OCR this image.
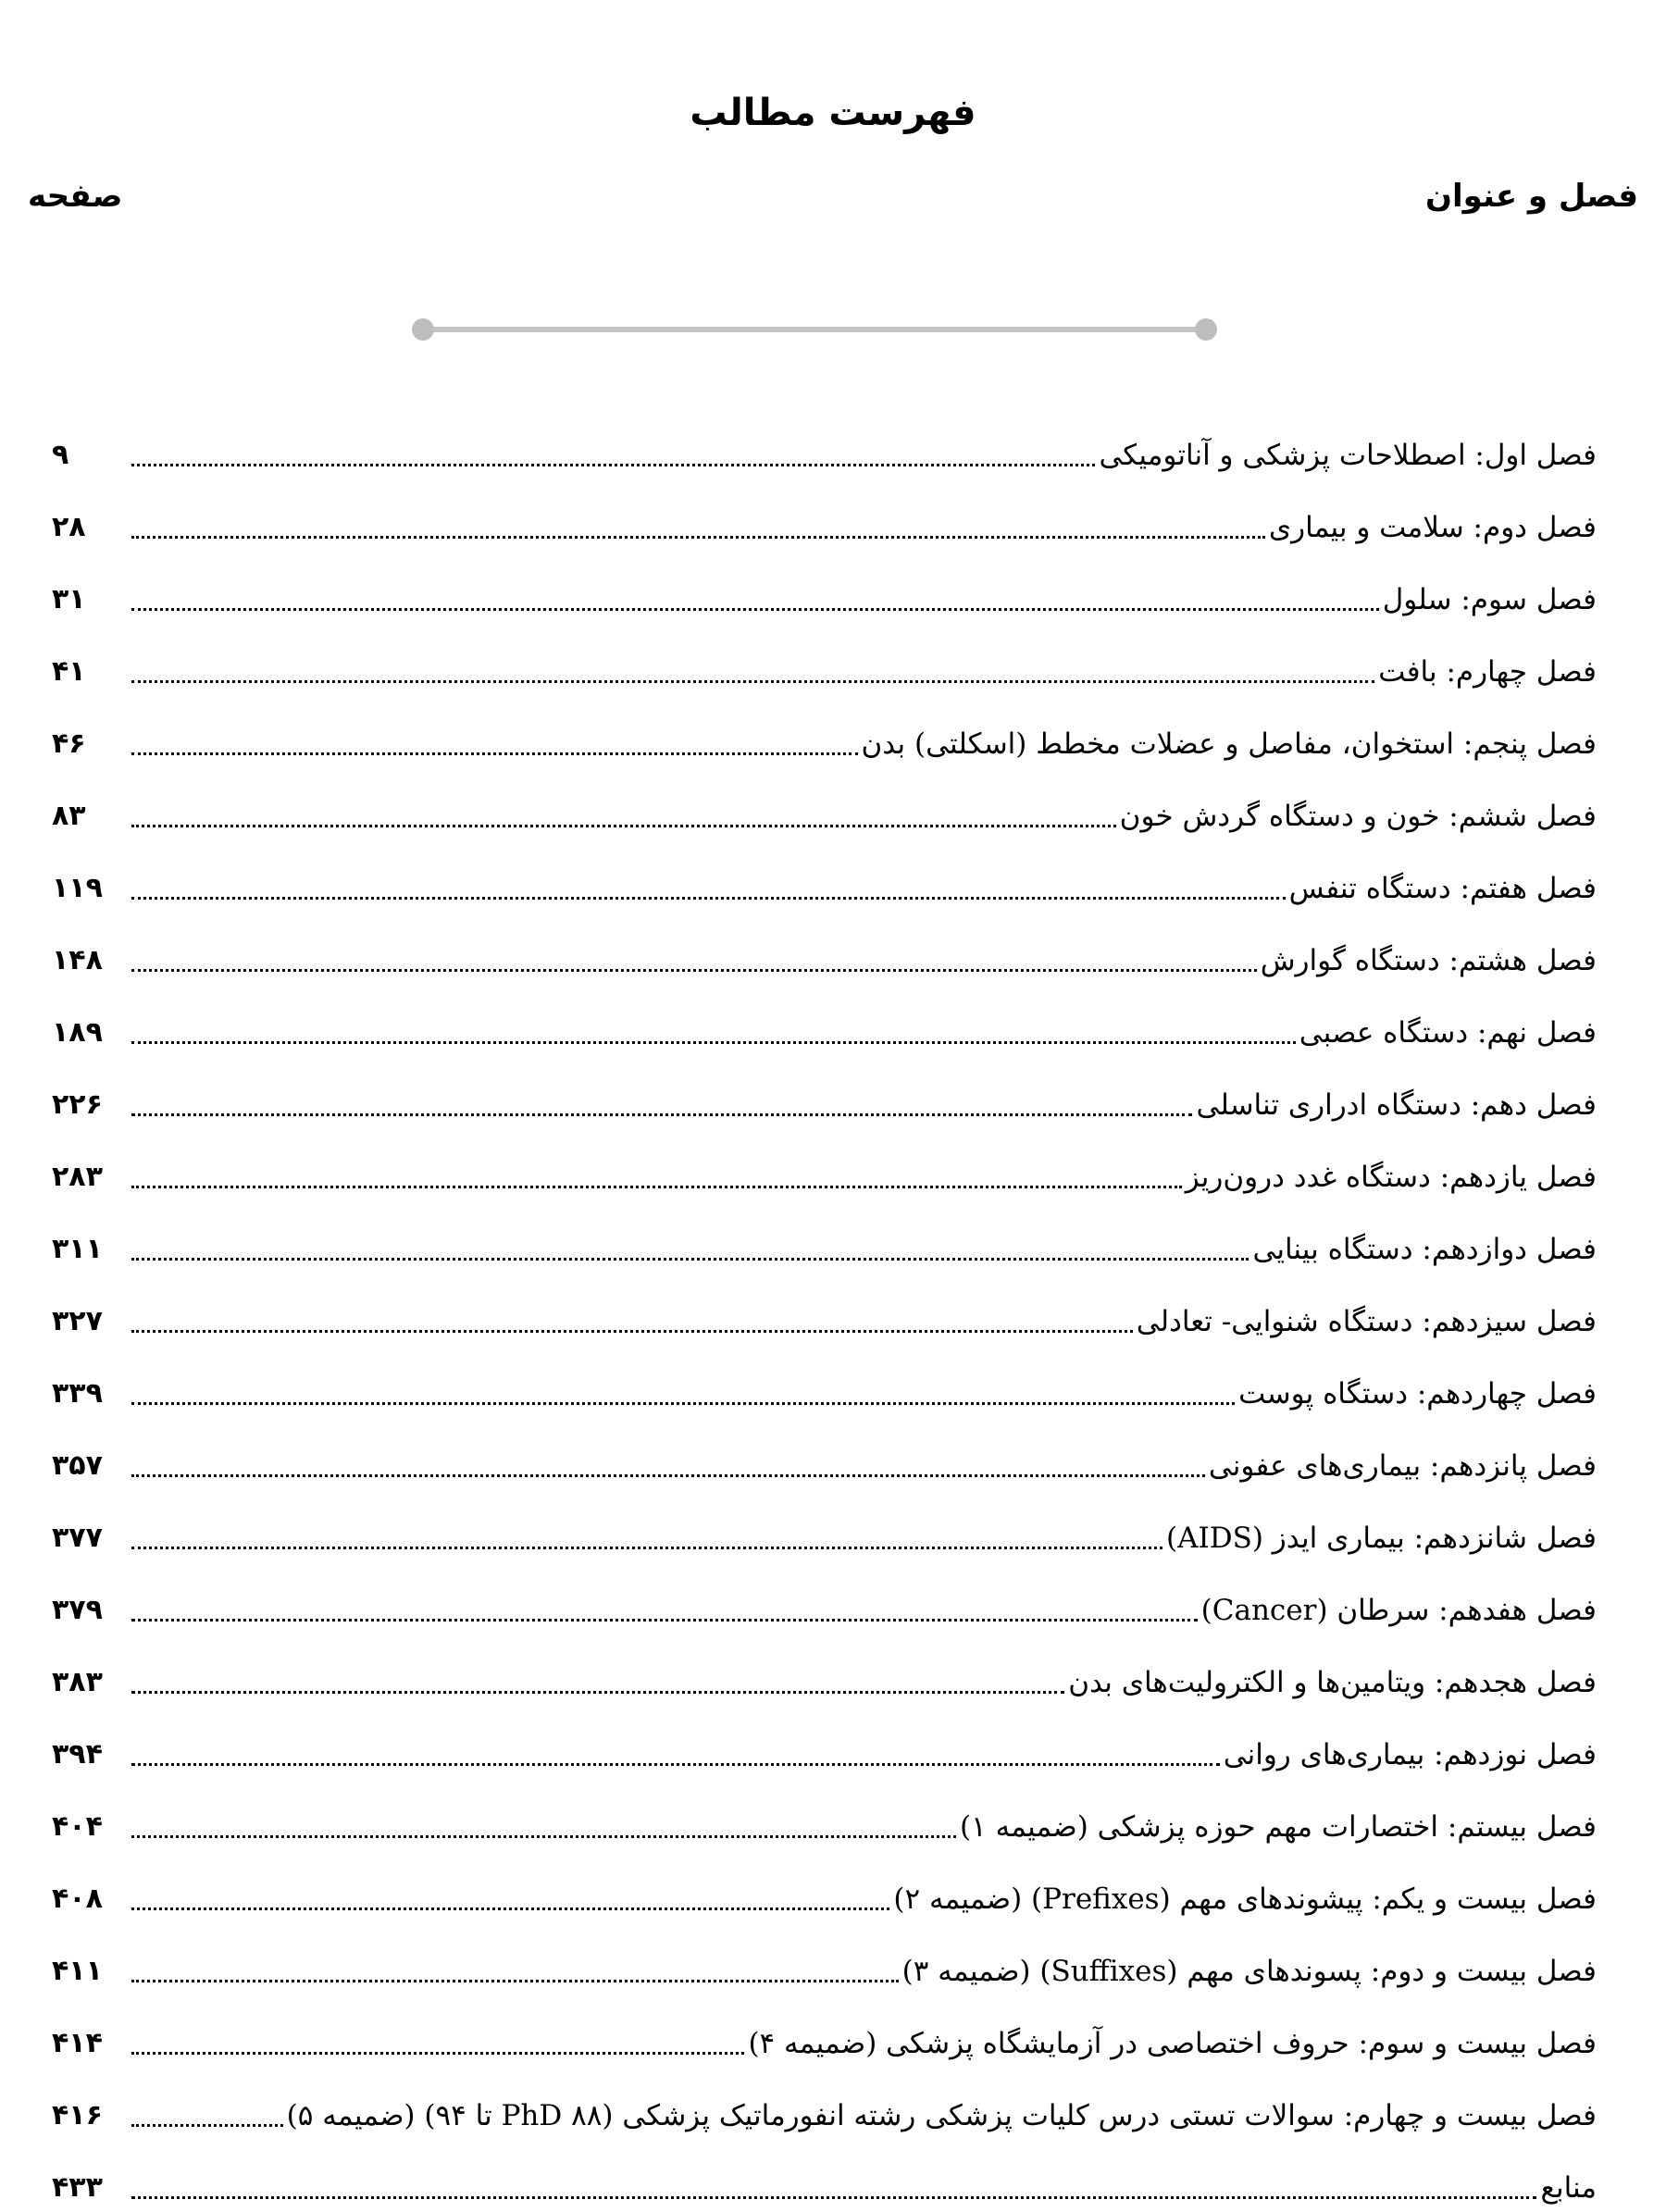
فهرست مطالب
فصل و عنوان
صفحه
فصل اول: اصطلاحات پزشکی و آناتومیکی
۹
فصل دوم: سلامت و بیماری
۲۸
فصل سوم: سلول
۳۱
فصل چهارم: بافت
۴۱
فصل پنجم: استخوان، مفاصل و عضلات مخطط (اسکلتی) بدن
۴۶
فصل ششم: خون و دستگاه گردش خون
۸۳
فصل هفتم: دستگاه تنفس
۱۱۹
فصل هشتم: دستگاه گوارش
۱۴۸
فصل نهم: دستگاه عصبی
۱۸۹
فصل دهم: دستگاه ادراری تناسلی
۲۲۶
فصل یازدهم: دستگاه غدد درون‌ریز
۲۸۳
فصل دوازدهم: دستگاه بینایی
۳۱۱
فصل سیزدهم: دستگاه شنوایی- تعادلی
۳۲۷
فصل چهاردهم: دستگاه پوست
۳۳۹
فصل پانزدهم: بیماری‌های عفونی
۳۵۷
فصل شانزدهم: بیماری ایدز (AIDS)
۳۷۷
فصل هفدهم: سرطان (Cancer)
۳۷۹
فصل هجدهم: ویتامین‌ها و الکترولیت‌های بدن
۳۸۳
فصل نوزدهم: بیماری‌های روانی
۳۹۴
فصل بیستم: اختصارات مهم حوزه پزشکی (ضمیمه ۱)
۴۰۴
فصل بیست و یکم: پیشوندهای مهم (Prefixes) (ضمیمه ۲)
۴۰۸
فصل بیست و دوم: پسوندهای مهم (Suffixes) (ضمیمه ۳)
۴۱۱
فصل بیست و سوم: حروف اختصاصی در آزمایشگاه پزشکی (ضمیمه ۴)
۴۱۴
فصل بیست و چهارم: سوالات تستی درس کلیات پزشکی رشته انفورماتیک پزشکی (PhD ۸۸ تا ۹۴) (ضمیمه ۵)
۴۱۶
منابع
۴۳۳
